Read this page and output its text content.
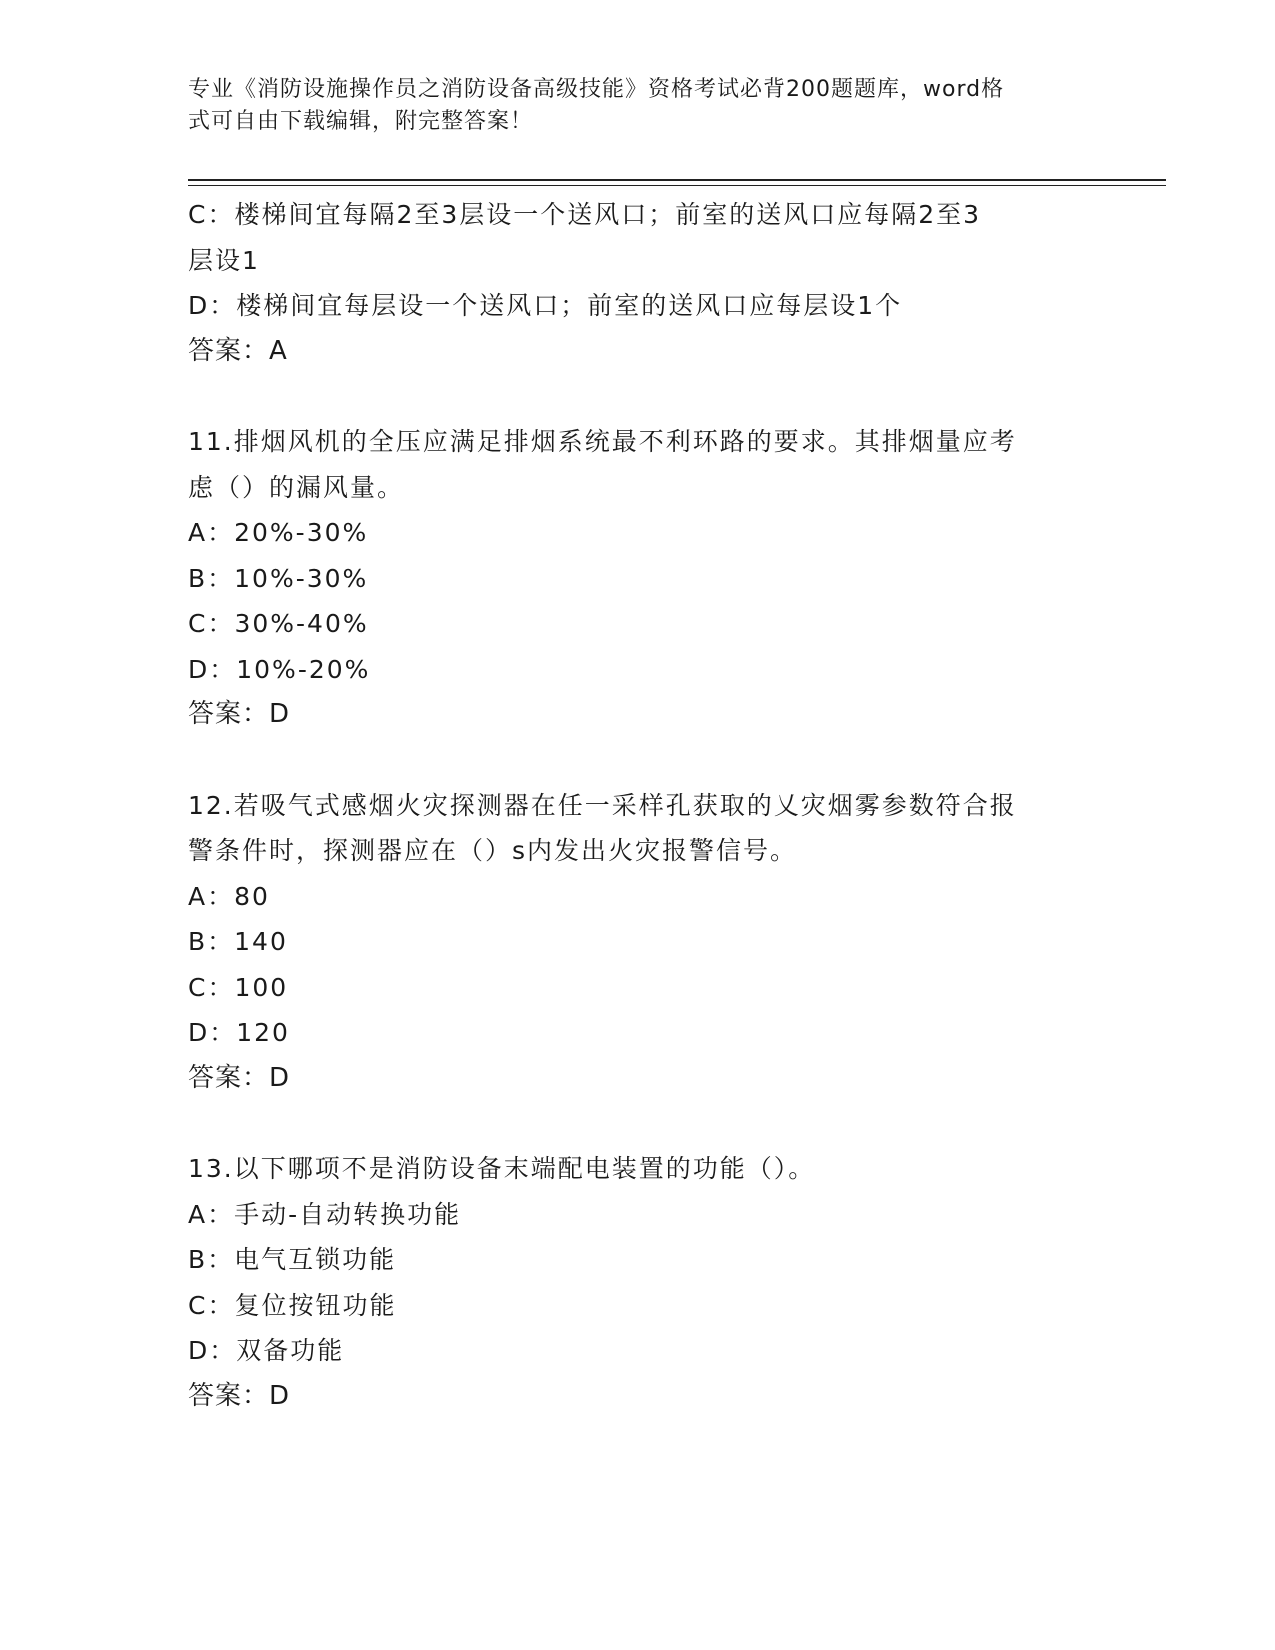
专业《消防设施操作员之消防设备高级技能》资格考试必背200题题库，word格
式可自由下载编辑，附完整答案！
C：楼梯间宜每隔2至3层设一个送风口；前室的送风口应每隔2至3
层设1
D：楼梯间宜每层设一个送风口；前室的送风口应每层设1个
答案：A
11.排烟风机的全压应满足排烟系统最不利环路的要求。其排烟量应考
虑（）的漏风量。
A：20%-30%
B：10%-30%
C：30%-40%
D：10%-20%
答案：D
12.若吸气式感烟火灾探测器在任一采样孔获取的乂灾烟雾参数符合报
警条件时，探测器应在（）s内发出火灾报警信号。
A：80
B：140
C：100
D：120
答案：D
13.以下哪项不是消防设备末端配电装置的功能（）。
A：手动-自动转换功能
B：电气互锁功能
C：复位按钮功能
D：双备功能
答案：D
